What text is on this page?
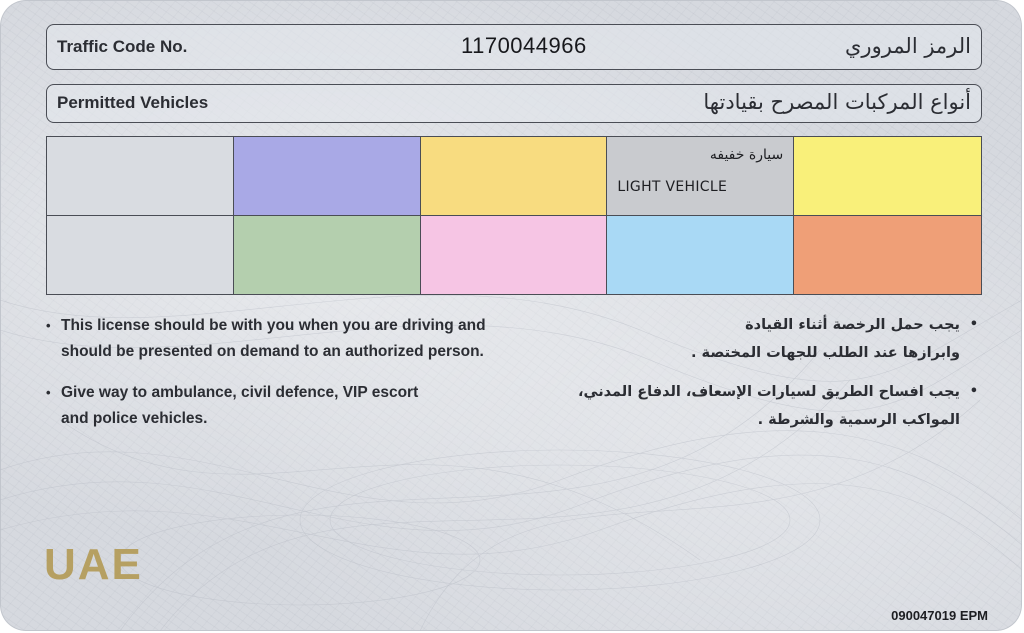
Traffic Code No.	1170044966	الرمز المروري
Permitted Vehicles	أنواع المركبات المصرح بقيادتها
سيارة خفيفه
LIGHT VEHICLE
• This license should be with you when you are driving and
should be presented on demand to an authorized person.
• Give way to ambulance, civil defence, VIP escort
and police vehicles.
•
يجب حمل الرخصة أثناء القيادة
وابرازها عند الطلب للجهات المختصة .
•
يجب افساح الطريق لسيارات الإسعاف، الدفاع المدني،
المواكب الرسمية والشرطة .
UAE
090047019 EPM
